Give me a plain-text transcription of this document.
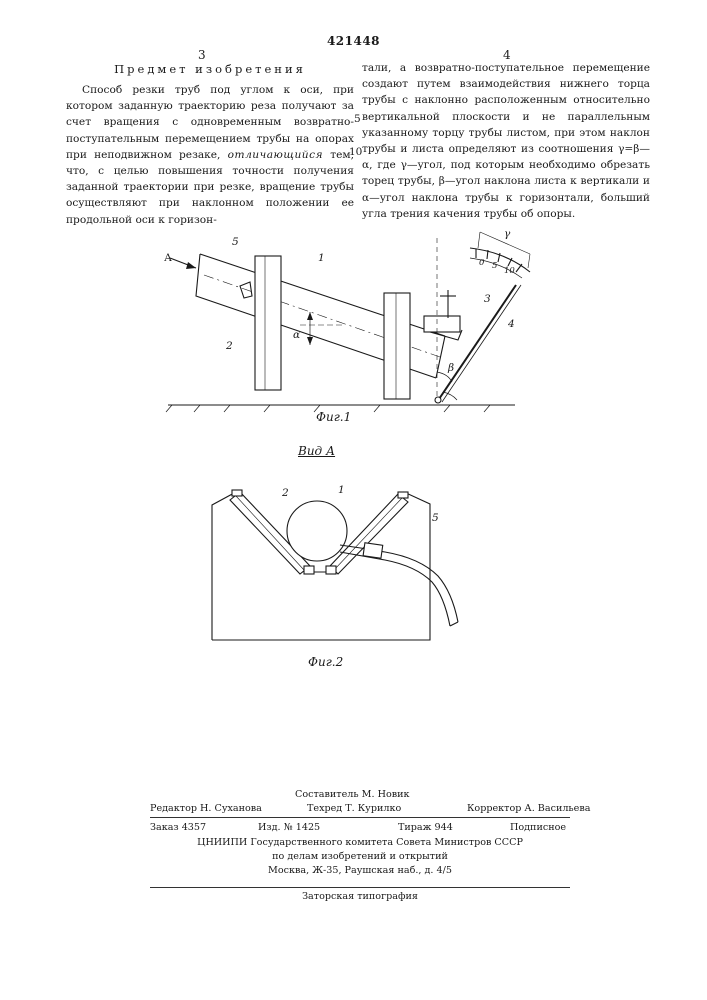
421448
3	4
Предмет изобретения
Способ резки труб под углом к оси, при котором заданную траекторию реза получают за счет вращения с одновременным возвратно-поступательным перемещением трубы на опорах при неподвижном резаке, отличающийся тем, что, с целью повышения точности получения заданной траектории при резке, вращение трубы осуществляют при наклонном положении ее продольной оси к горизон-
тали, а возвратно-поступательное перемещение создают путем взаимодействия нижнего торца трубы с наклонно расположенным относительно вертикальной плоскости и не параллельным указанному торцу трубы листом, при этом наклон трубы и листа определяют из соотношения γ=β—α, где γ—угол, под которым необходимо обрезать торец трубы, β—угол наклона листа к вертикали и α—угол наклона трубы к горизонтали, больший угла трения качения трубы об опоры.
5
10
А
5
1
2
3
4
γ
α
β
0 5 10
Фиг.1
Вид А
1
2
5
Фиг.2
Составитель М. Новик
Редактор Н. Суханова	Техред Т. Курилко	Корректор А. Васильева
Заказ 4357	Изд. № 1425	Тираж 944	Подписное
ЦНИИПИ Государственного комитета Совета Министров СССР
по делам изобретений и открытий
Москва, Ж-35, Раушская наб., д. 4/5
Заторская типография
